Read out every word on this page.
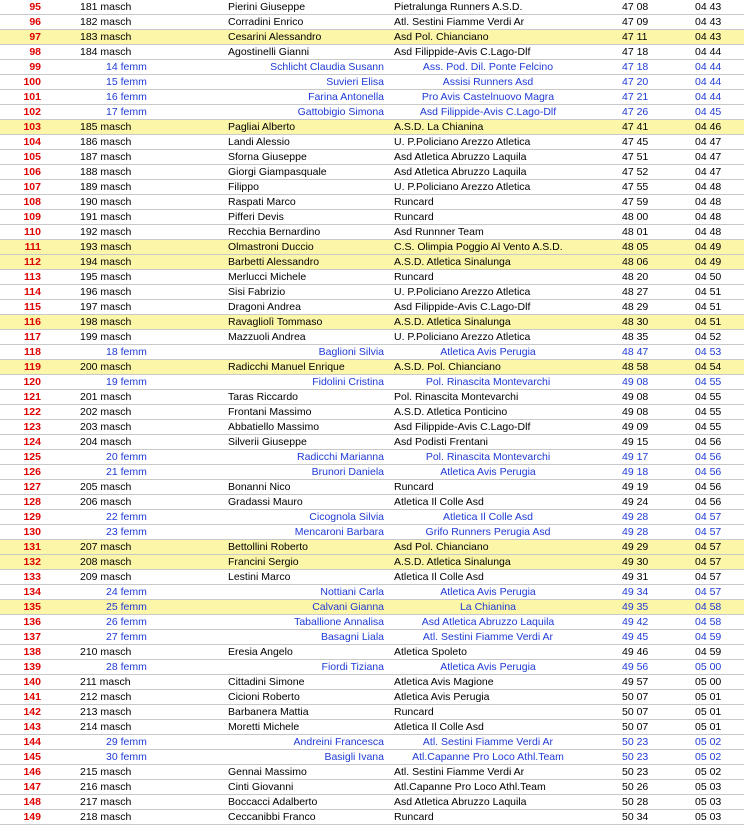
95	181 masch	Pierini Giuseppe	Pietralunga Runners A.S.D.	47 08	04 43
96	182 masch	Corradini Enrico	Atl. Sestini Fiamme Verdi Ar	47 09	04 43
97	183 masch	Cesarini Alessandro	Asd Pol. Chianciano	47 11	04 43
98	184 masch	Agostinelli Gianni	Asd Filippide-Avis C.Lago-Dlf	47 18	04 44
99	14 femm	Schlicht Claudia Susann	Ass. Pod. Dil. Ponte Felcino	47 18	04 44
100	15 femm	Suvieri Elisa	Assisi Runners Asd	47 20	04 44
101	16 femm	Farina Antonella	Pro Avis Castelnuovo Magra	47 21	04 44
102	17 femm	Gattobigio Simona	Asd Filippide-Avis C.Lago-Dlf	47 26	04 45
103	185 masch	Pagliai Alberto	A.S.D. La Chianina	47 41	04 46
104	186 masch	Landi Alessio	U. P.Policiano Arezzo Atletica	47 45	04 47
105	187 masch	Sforna Giuseppe	Asd Atletica Abruzzo Laquila	47 51	04 47
106	188 masch	Giorgi Giampasquale	Asd Atletica Abruzzo Laquila	47 52	04 47
107	189 masch	Filippo	U. P.Policiano Arezzo Atletica	47 55	04 48
108	190 masch	Raspati Marco	Runcard	47 59	04 48
109	191 masch	Pifferi Devis	Runcard	48 00	04 48
110	192 masch	Recchia Bernardino	Asd Runnner Team	48 01	04 48
111	193 masch	Olmastroni Duccio	C.S. Olimpia Poggio Al Vento A.S.D.	48 05	04 49
112	194 masch	Barbetti Alessandro	A.S.D. Atletica Sinalunga	48 06	04 49
113	195 masch	Merlucci Michele	Runcard	48 20	04 50
114	196 masch	Sisi Fabrizio	U. P.Policiano Arezzo Atletica	48 27	04 51
115	197 masch	Dragoni Andrea	Asd Filippide-Avis C.Lago-Dlf	48 29	04 51
116	198 masch	Ravagliolì Tommaso	A.S.D. Atletica Sinalunga	48 30	04 51
117	199 masch	Mazzuoli Andrea	U. P.Policiano Arezzo Atletica	48 35	04 52
118	18 femm	Baglioni Silvia	Atletica Avis Perugia	48 47	04 53
119	200 masch	Radicchi Manuel Enrique	A.S.D. Pol. Chianciano	48 58	04 54
120	19 femm	Fidolini Cristina	Pol. Rinascita Montevarchi	49 08	04 55
121	201 masch	Taras Riccardo	Pol. Rinascita Montevarchi	49 08	04 55
122	202 masch	Frontani Massimo	A.S.D. Atletica Ponticino	49 08	04 55
123	203 masch	Abbatiello Massimo	Asd Filippide-Avis C.Lago-Dlf	49 09	04 55
124	204 masch	Silverii Giuseppe	Asd Podisti Frentani	49 15	04 56
125	20 femm	Radicchi Marianna	Pol. Rinascita Montevarchi	49 17	04 56
126	21 femm	Brunori Daniela	Atletica Avis Perugia	49 18	04 56
127	205 masch	Bonanni Nico	Runcard	49 19	04 56
128	206 masch	Gradassi Mauro	Atletica Il Colle Asd	49 24	04 56
129	22 femm	Cicognola Silvia	Atletica Il Colle Asd	49 28	04 57
130	23 femm	Mencaroni Barbara	Grifo Runners Perugia Asd	49 28	04 57
131	207 masch	Bettollini Roberto	Asd Pol. Chianciano	49 29	04 57
132	208 masch	Francini Sergio	A.S.D. Atletica Sinalunga	49 30	04 57
133	209 masch	Lestini Marco	Atletica Il Colle Asd	49 31	04 57
134	24 femm	Nottiani Carla	Atletica Avis Perugia	49 34	04 57
135	25 femm	Calvani Gianna	La Chianina	49 35	04 58
136	26 femm	Taballione Annalisa	Asd Atletica Abruzzo Laquila	49 42	04 58
137	27 femm	Basagni Liala	Atl. Sestini Fiamme Verdi Ar	49 45	04 59
138	210 masch	Eresia Angelo	Atletica Spoleto	49 46	04 59
139	28 femm	Fiordi Tiziana	Atletica Avis Perugia	49 56	05 00
140	211 masch	Cittadini Simone	Atletica Avis Magione	49 57	05 00
141	212 masch	Cicioni Roberto	Atletica Avis Perugia	50 07	05 01
142	213 masch	Barbanera Mattia	Runcard	50 07	05 01
143	214 masch	Moretti Michele	Atletica Il Colle Asd	50 07	05 01
144	29 femm	Andreini Francesca	Atl. Sestini Fiamme Verdi Ar	50 23	05 02
145	30 femm	Basigli Ivana	Atl.Capanne Pro Loco Athl.Team	50 23	05 02
146	215 masch	Gennai Massimo	Atl. Sestini Fiamme Verdi Ar	50 23	05 02
147	216 masch	Cinti Giovanni	Atl.Capanne Pro Loco Athl.Team	50 26	05 03
148	217 masch	Boccacci Adalberto	Asd Atletica Abruzzo Laquila	50 28	05 03
149	218 masch	Ceccanibbi Franco	Runcard	50 34	05 03
